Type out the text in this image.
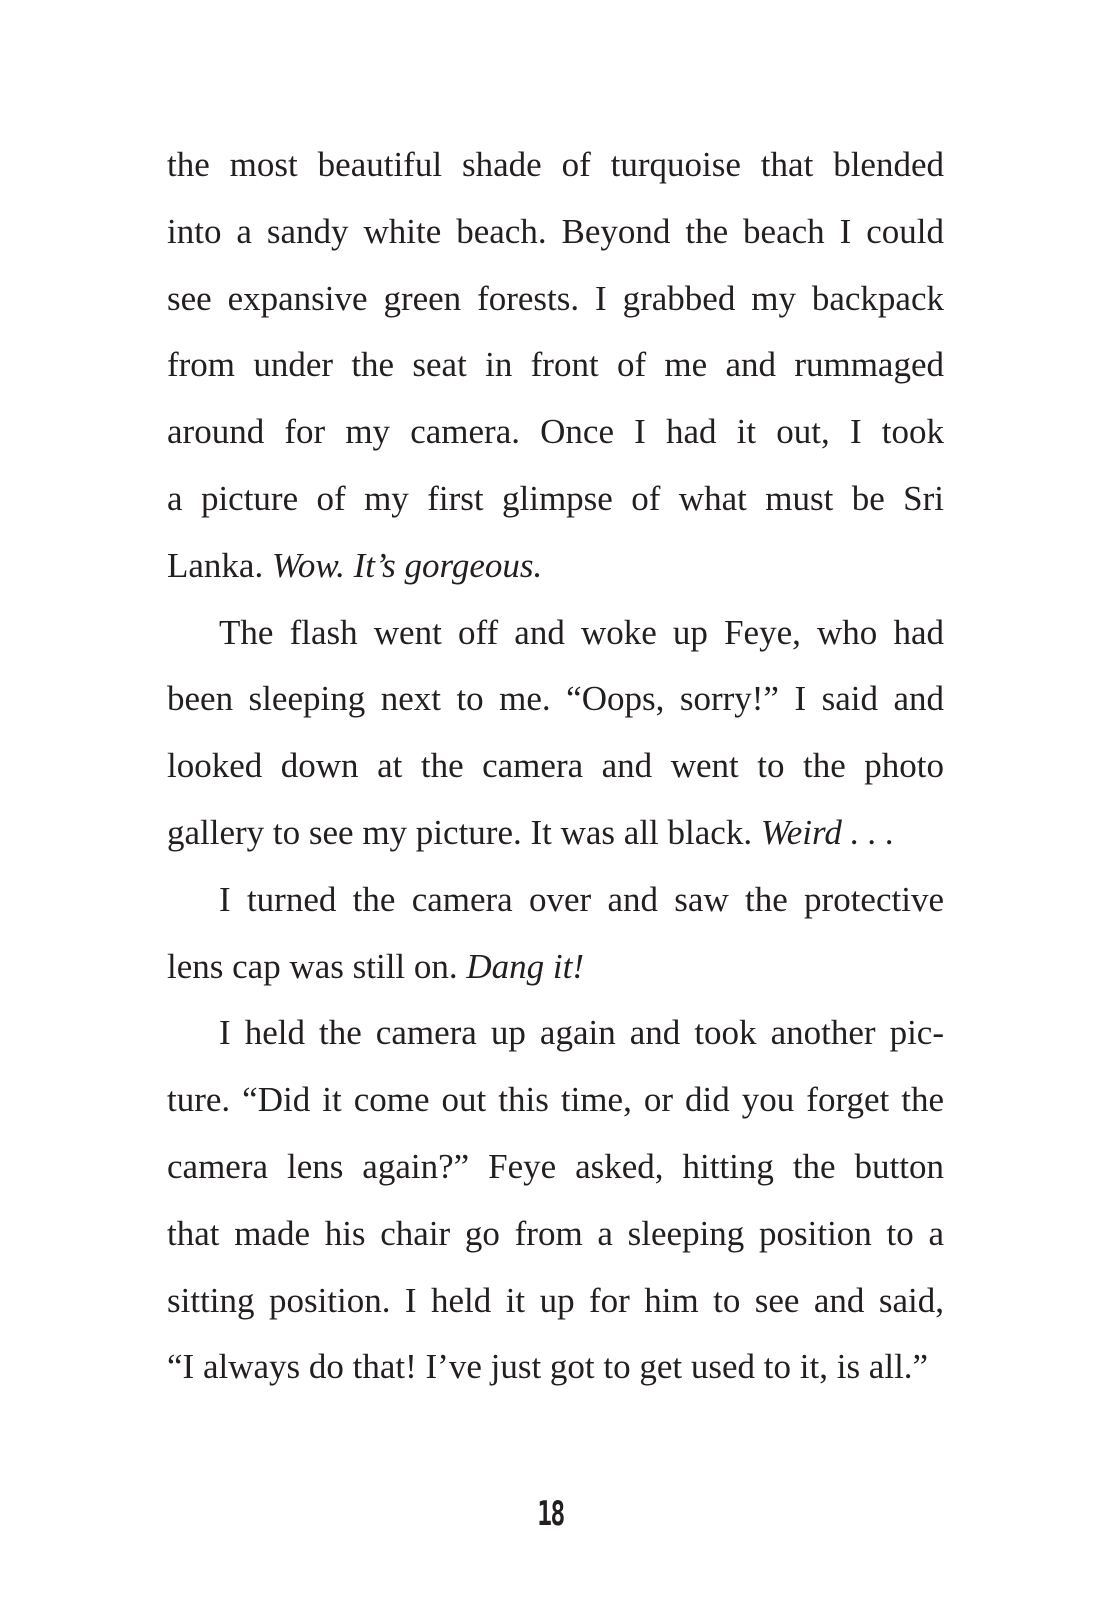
the most beautiful shade of turquoise that blended
into a sandy white beach. Beyond the beach I could
see expansive green forests. I grabbed my backpack
from under the seat in front of me and rummaged
around for my camera. Once I had it out, I took
a picture of my first glimpse of what must be Sri
Lanka. Wow. It’s gorgeous.
The flash went off and woke up Feye, who had
been sleeping next to me. “Oops, sorry!” I said and
looked down at the camera and went to the photo
gallery to see my picture. It was all black. Weird . . .
I turned the camera over and saw the protective
lens cap was still on. Dang it!
I held the camera up again and took another pic-
ture. “Did it come out this time, or did you forget the
camera lens again?” Feye asked, hitting the button
that made his chair go from a sleeping position to a
sitting position. I held it up for him to see and said,
“I always do that! I’ve just got to get used to it, is all.”
18
